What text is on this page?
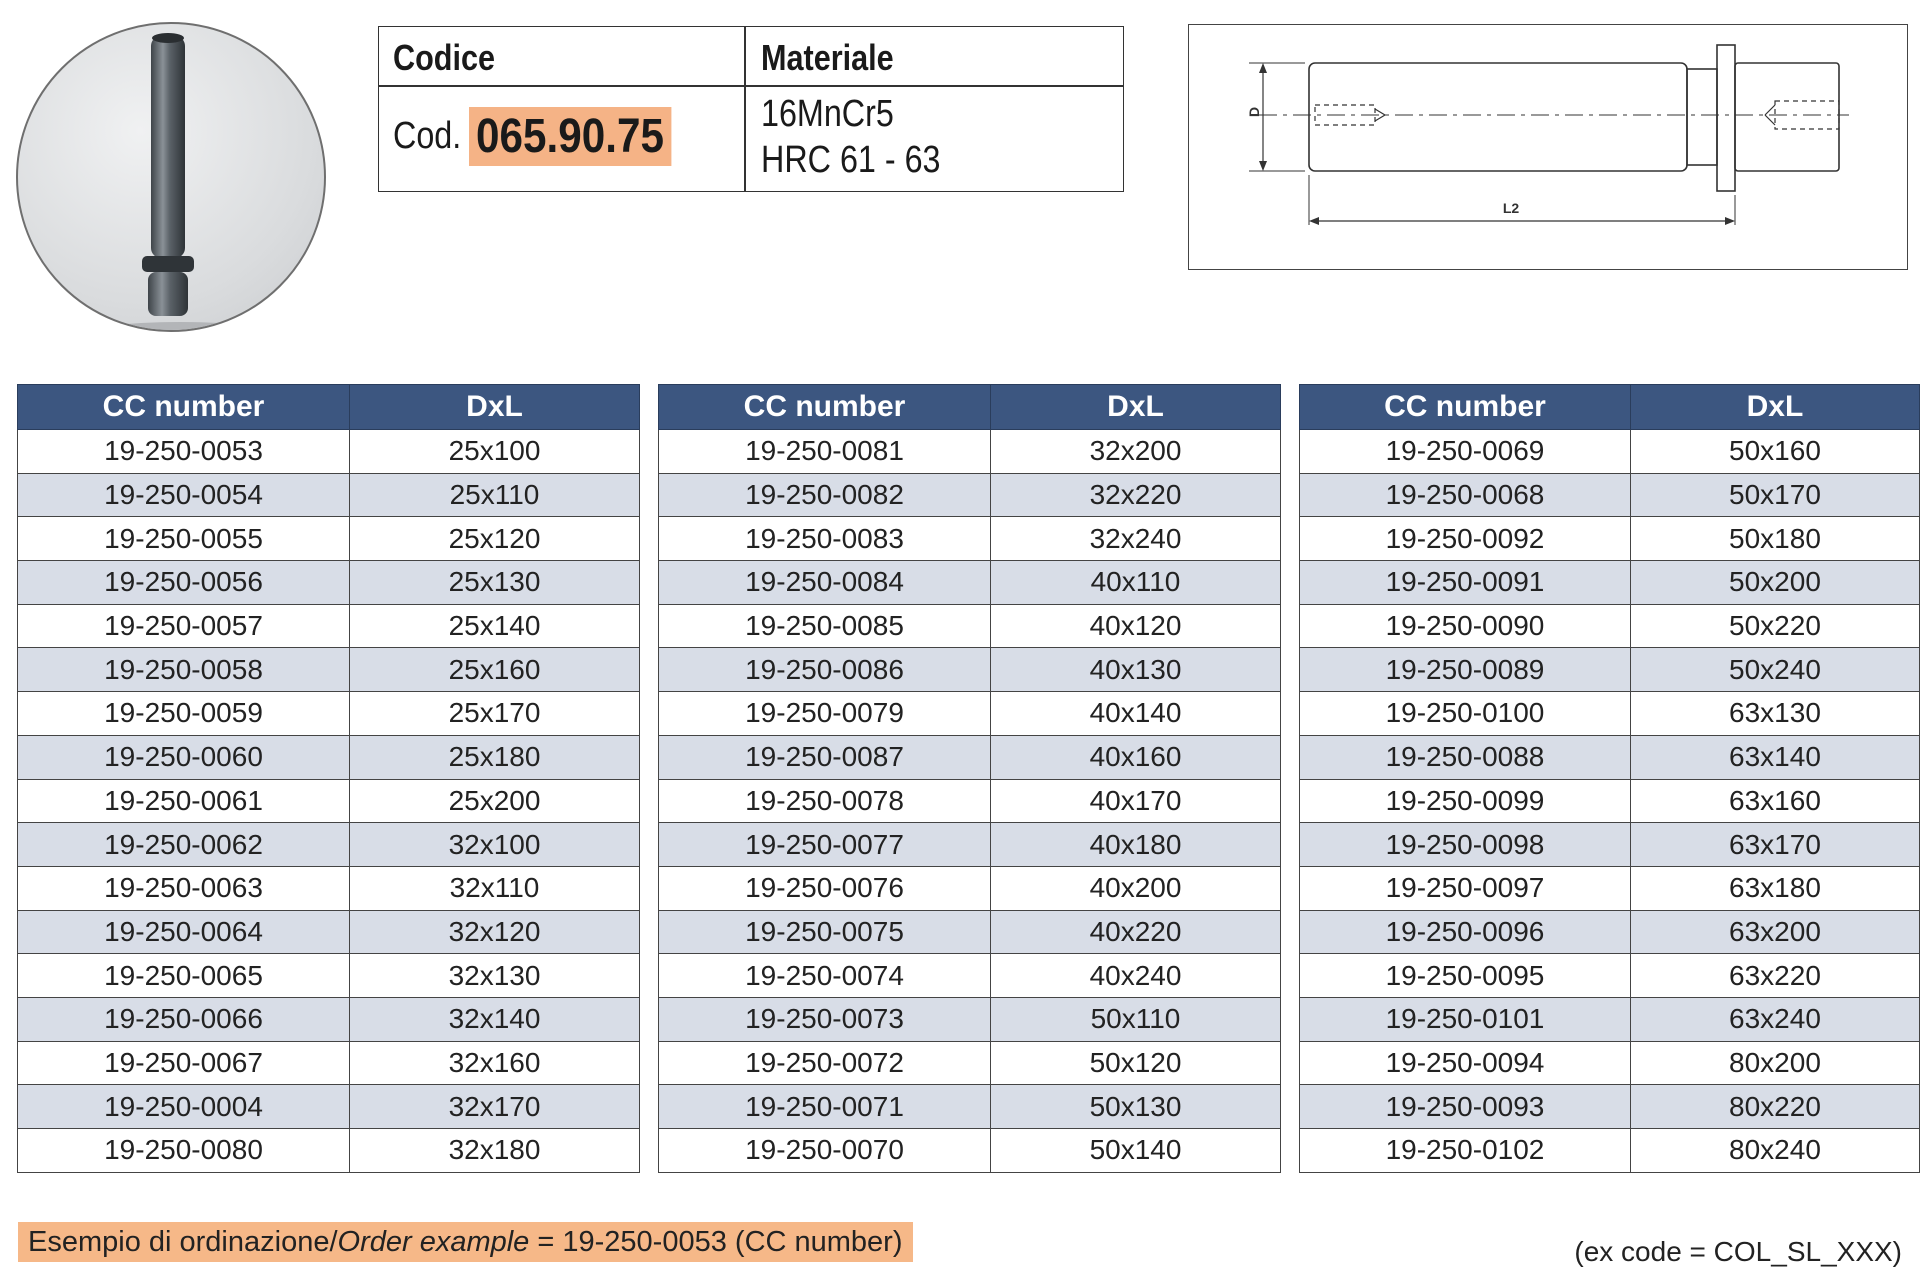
Codice	Materiale
Cod. 065.90.75	16MnCr5
HRC 61 - 63
D
L2
CC number	DxL
19-250-0053	25x100
19-250-0054	25x110
19-250-0055	25x120
19-250-0056	25x130
19-250-0057	25x140
19-250-0058	25x160
19-250-0059	25x170
19-250-0060	25x180
19-250-0061	25x200
19-250-0062	32x100
19-250-0063	32x110
19-250-0064	32x120
19-250-0065	32x130
19-250-0066	32x140
19-250-0067	32x160
19-250-0004	32x170
19-250-0080	32x180
CC number	DxL
19-250-0081	32x200
19-250-0082	32x220
19-250-0083	32x240
19-250-0084	40x110
19-250-0085	40x120
19-250-0086	40x130
19-250-0079	40x140
19-250-0087	40x160
19-250-0078	40x170
19-250-0077	40x180
19-250-0076	40x200
19-250-0075	40x220
19-250-0074	40x240
19-250-0073	50x110
19-250-0072	50x120
19-250-0071	50x130
19-250-0070	50x140
CC number	DxL
19-250-0069	50x160
19-250-0068	50x170
19-250-0092	50x180
19-250-0091	50x200
19-250-0090	50x220
19-250-0089	50x240
19-250-0100	63x130
19-250-0088	63x140
19-250-0099	63x160
19-250-0098	63x170
19-250-0097	63x180
19-250-0096	63x200
19-250-0095	63x220
19-250-0101	63x240
19-250-0094	80x200
19-250-0093	80x220
19-250-0102	80x240
Esempio di ordinazione/Order example = 19-250-0053 (CC number)	(ex code = COL_SL_XXX)
